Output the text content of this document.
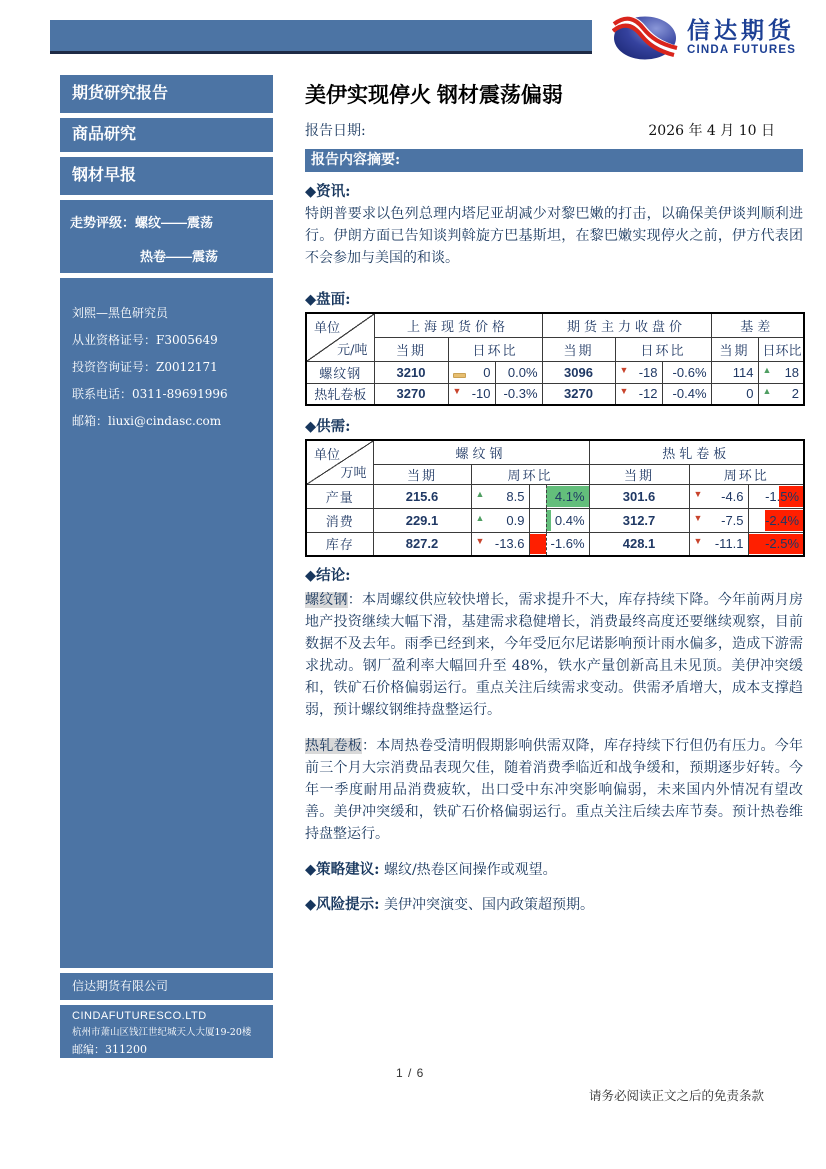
信达期货
CINDA FUTURES
期货研究报告
商品研究
钢材早报
走势评级：螺纹——震荡
热卷——震荡
刘熙—黑色研究员
从业资格证号：F3005649
投资咨询证号：Z0012171
联系电话：0311-89691996
邮箱：liuxi@cindasc.com
信达期货有限公司
CINDAFUTURESCO.LTD
杭州市萧山区钱江世纪城天人大厦19-20楼
邮编：311200
美伊实现停火 钢材震荡偏弱
报告日期:	2026 年 4 月 10 日
报告内容摘要:
◆资讯:
特朗普要求以色列总理内塔尼亚胡减少对黎巴嫩的打击，以确保美伊谈判顺利进行。伊朗方面已告知谈判斡旋方巴基斯坦，在黎巴嫩实现停火之前，伊方代表团不会参加与美国的和谈。
◆盘面:
单位
元/吨	上海现货价格			期货主力收盘价			基差	
	当期	日环比		当期	日环比		当期	日环比
螺纹钢	3210	0	0.0%	3096	▼ -18	-0.6%	114	▲ 18
热轧卷板	3270	▼ -10	-0.3%	3270	▼ -12	-0.4%	0	▲ 2
◆供需:
单位
万吨	螺纹钢			热轧卷板		
	当期	周环比		当期	周环比	
产量	215.6	▲ 8.5	4.1%	301.6	▼ -4.6	-1.5%
消费	229.1	▲ 0.9	0.4%	312.7	▼ -7.5	-2.4%
库存	827.2	▼ -13.6	-1.6%	428.1	▼ -11.1	-2.5%
◆结论:
螺纹钢：本周螺纹供应较快增长，需求提升不大，库存持续下降。今年前两月房地产投资继续大幅下滑，基建需求稳健增长，消费最终高度还要继续观察，目前数据不及去年。雨季已经到来，今年受厄尔尼诺影响预计雨水偏多，造成下游需求扰动。钢厂盈利率大幅回升至 48%，铁水产量创新高且未见顶。美伊冲突缓和，铁矿石价格偏弱运行。重点关注后续需求变动。供需矛盾增大，成本支撑趋弱，预计螺纹钢维持盘整运行。
热轧卷板：本周热卷受清明假期影响供需双降，库存持续下行但仍有压力。今年前三个月大宗消费品表现欠佳，随着消费季临近和战争缓和，预期逐步好转。今年一季度耐用品消费疲软，出口受中东冲突影响偏弱，未来国内外情况有望改善。美伊冲突缓和，铁矿石价格偏弱运行。重点关注后续去库节奏。预计热卷维持盘整运行。
◆策略建议: 螺纹/热卷区间操作或观望。
◆风险提示: 美伊冲突演变、国内政策超预期。
1 / 6
请务必阅读正文之后的免责条款
